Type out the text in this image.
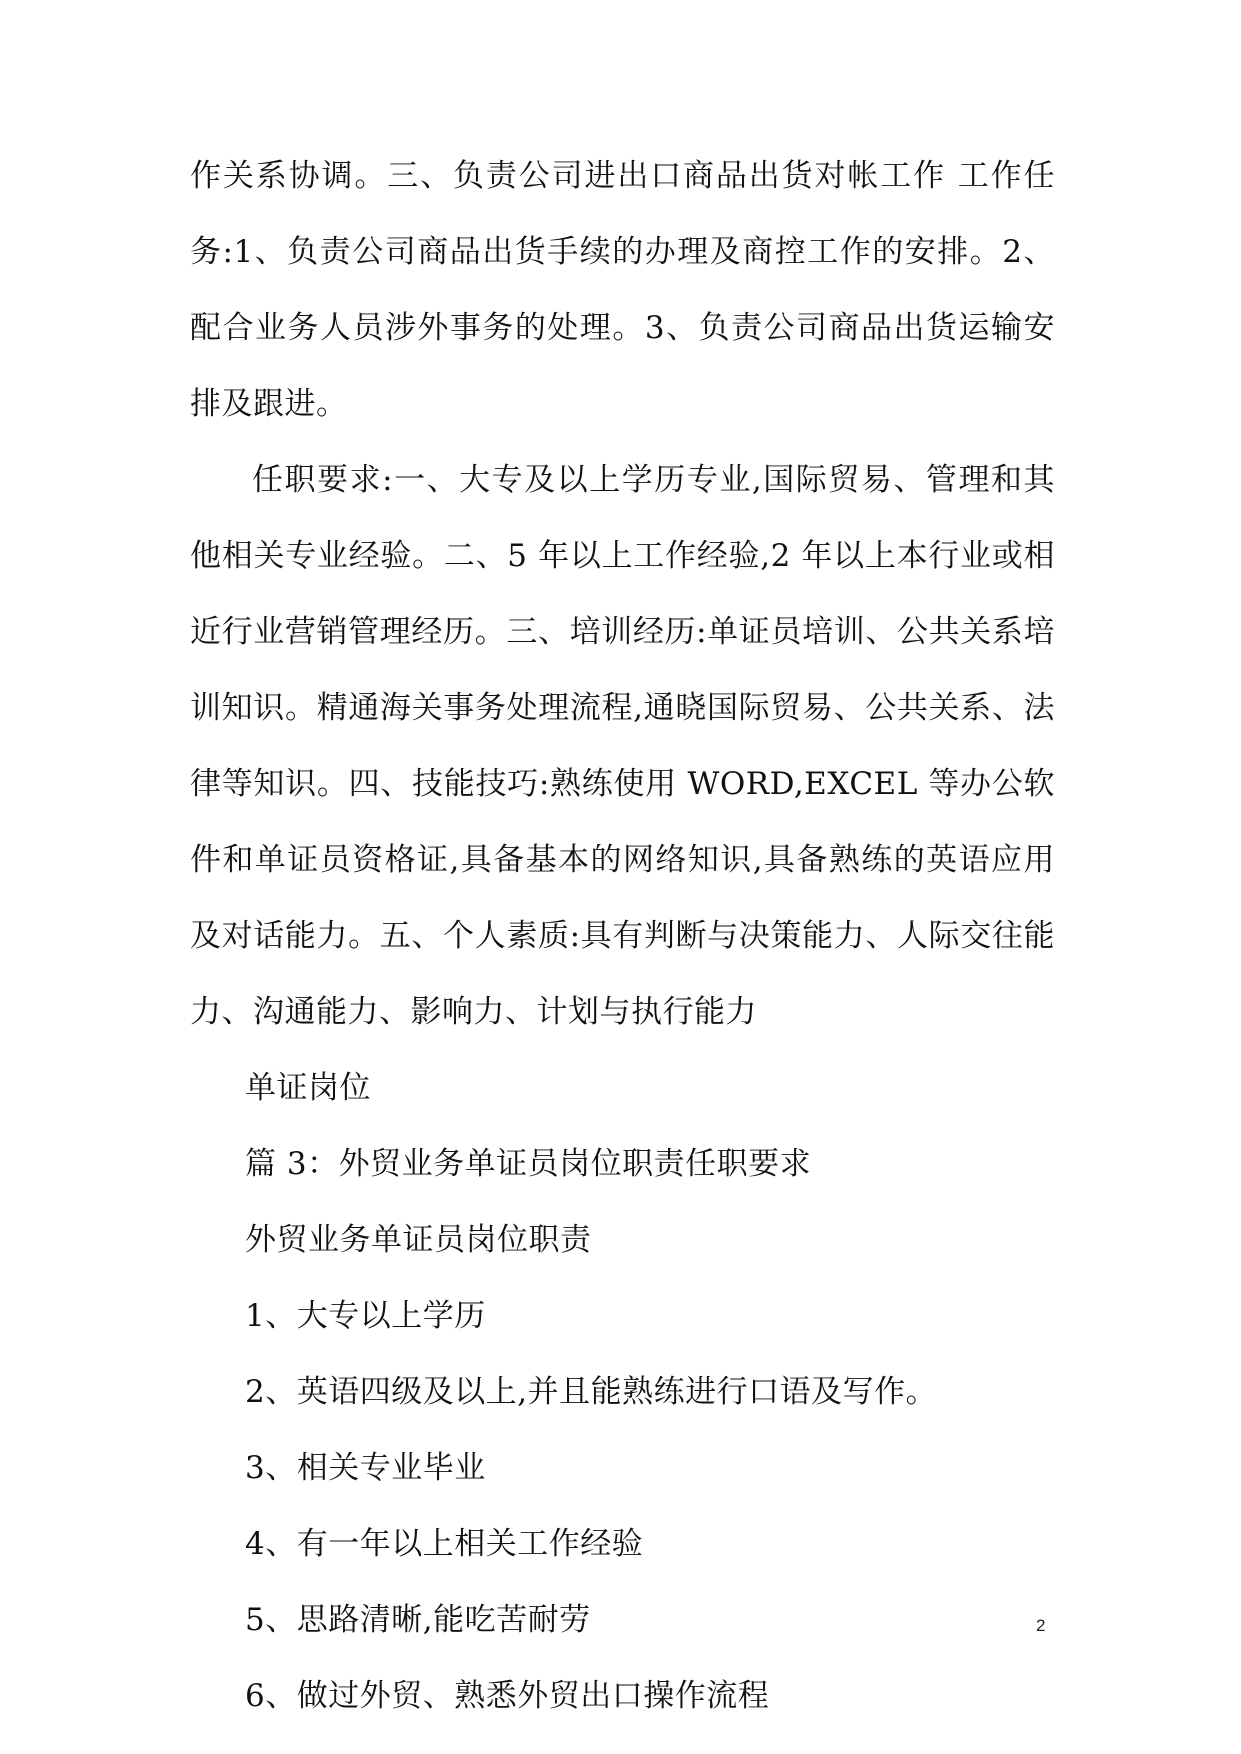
作关系协调。三、负责公司进出口商品出货对帐工作 工作任务:1、负责公司商品出货手续的办理及商控工作的安排。2、配合业务人员涉外事务的处理。3、负责公司商品出货运输安排及跟进。

任职要求:一、大专及以上学历专业,国际贸易、管理和其他相关专业经验。二、5 年以上工作经验,2 年以上本行业或相近行业营销管理经历。三、培训经历:单证员培训、公共关系培训知识。精通海关事务处理流程,通晓国际贸易、公共关系、法律等知识。四、技能技巧:熟练使用 WORD,EXCEL 等办公软件和单证员资格证,具备基本的网络知识,具备熟练的英语应用及对话能力。五、个人素质:具有判断与决策能力、人际交往能力、沟通能力、影响力、计划与执行能力

单证岗位

篇 3：外贸业务单证员岗位职责任职要求

外贸业务单证员岗位职责

1、大专以上学历

2、英语四级及以上,并且能熟练进行口语及写作。

3、相关专业毕业

4、有一年以上相关工作经验

5、思路清晰,能吃苦耐劳

6、做过外贸、熟悉外贸出口操作流程

2
